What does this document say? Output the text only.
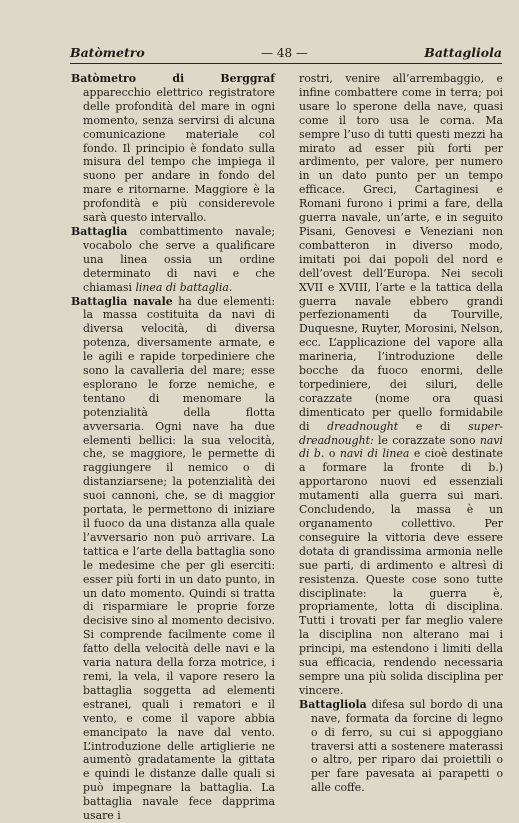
Batòmetro	— 48 —	Battagliola

Batòmetro di Berggraf apparecchio elettrico registratore delle profondità del mare in ogni momento, senza servirsi di alcuna comunicazione materiale col fondo. Il principio è fondato sulla misura del tempo che impiega il suono per andare in fondo del mare e ritornarne. Maggiore è la profondità e più considerevole sarà questo intervallo.

Battaglia combattimento navale; vocabolo che serve a qualificare una linea ossia un ordine determinato di navi e che chiamasi linea di battaglia.

Battaglia navale ha due elementi: la massa costituita da navi di diversa velocità, di diversa potenza, diversamente armate, e le agili e rapide torpediniere che sono la cavalleria del mare; esse esplorano le forze nemiche, e tentano di menomare la potenzialità della flotta avversaria. Ogni nave ha due elementi bellici: la sua velocità, che, se maggiore, le permette di raggiungere il nemico o di distanziarsene; la potenzialità dei suoi cannoni, che, se di maggior portata, le permettono di iniziare il fuoco da una distanza alla quale l’avversario non può arrivare. La tattica e l’arte della battaglia sono le medesime che per gli eserciti: esser più forti in un dato punto, in un dato momento. Quindi si tratta di risparmiare le proprie forze decisive sino al momento decisivo. Si comprende facilmente come il fatto della velocità delle navi e la varia natura della forza motrice, i remi, la vela, il vapore resero la battaglia soggetta ad elementi estranei, quali i rematori e il vento, e come il vapore abbia emancipato la nave dal vento. L’introduzione delle artiglierie ne aumentò gradatamente la gittata e quindi le distanze dalle quali si può impegnare la battaglia. La battaglia navale fece dapprima usare i

rostri, venire all’arrembaggio, e infine combattere come in terra; poi usare lo sperone della nave, quasi come il toro usa le corna. Ma sempre l’uso di tutti questi mezzi ha mirato ad esser più forti per ardimento, per valore, per numero in un dato punto per un tempo efficace. Greci, Cartaginesi e Romani furono i primi a fare, della guerra navale, un’arte, e in seguito Pisani, Genovesi e Veneziani non combatteron in diverso modo, imitati poi dai popoli del nord e dell’ovest dell’Europa. Nei secoli XVII e XVIII, l’arte e la tattica della guerra navale ebbero grandi perfezionamenti da Tourville, Duquesne, Ruyter, Morosini, Nelson, ecc. L’applicazione del vapore alla marineria, l’introduzione delle bocche da fuoco enormi, delle torpediniere, dei siluri, delle corazzate (nome ora quasi dimenticato per quello formidabile di dreadnought e di super-dreadnought: le corazzate sono navi di b. o navi di linea e cioè destinate a formare la fronte di b.) apportarono nuovi ed essenziali mutamenti alla guerra sui mari. Concludendo, la massa è un organamento collettivo. Per conseguire la vittoria deve essere dotata di grandissima armonia nelle sue parti, di ardimento e altresì di resistenza. Queste cose sono tutte disciplinate: la guerra è, propriamente, lotta di disciplina. Tutti i trovati per far meglio valere la disciplina non alterano mai i principi, ma estendono i limiti della sua efficacia, rendendo necessaria sempre una più solida disciplina per vincere.

Battagliola difesa sul bordo di una nave, formata da forcine di legno o di ferro, su cui si appoggiano traversi atti a sostenere materassi o altro, per riparo dai proiettili o per fare pavesata ai parapetti o alle coffe.
